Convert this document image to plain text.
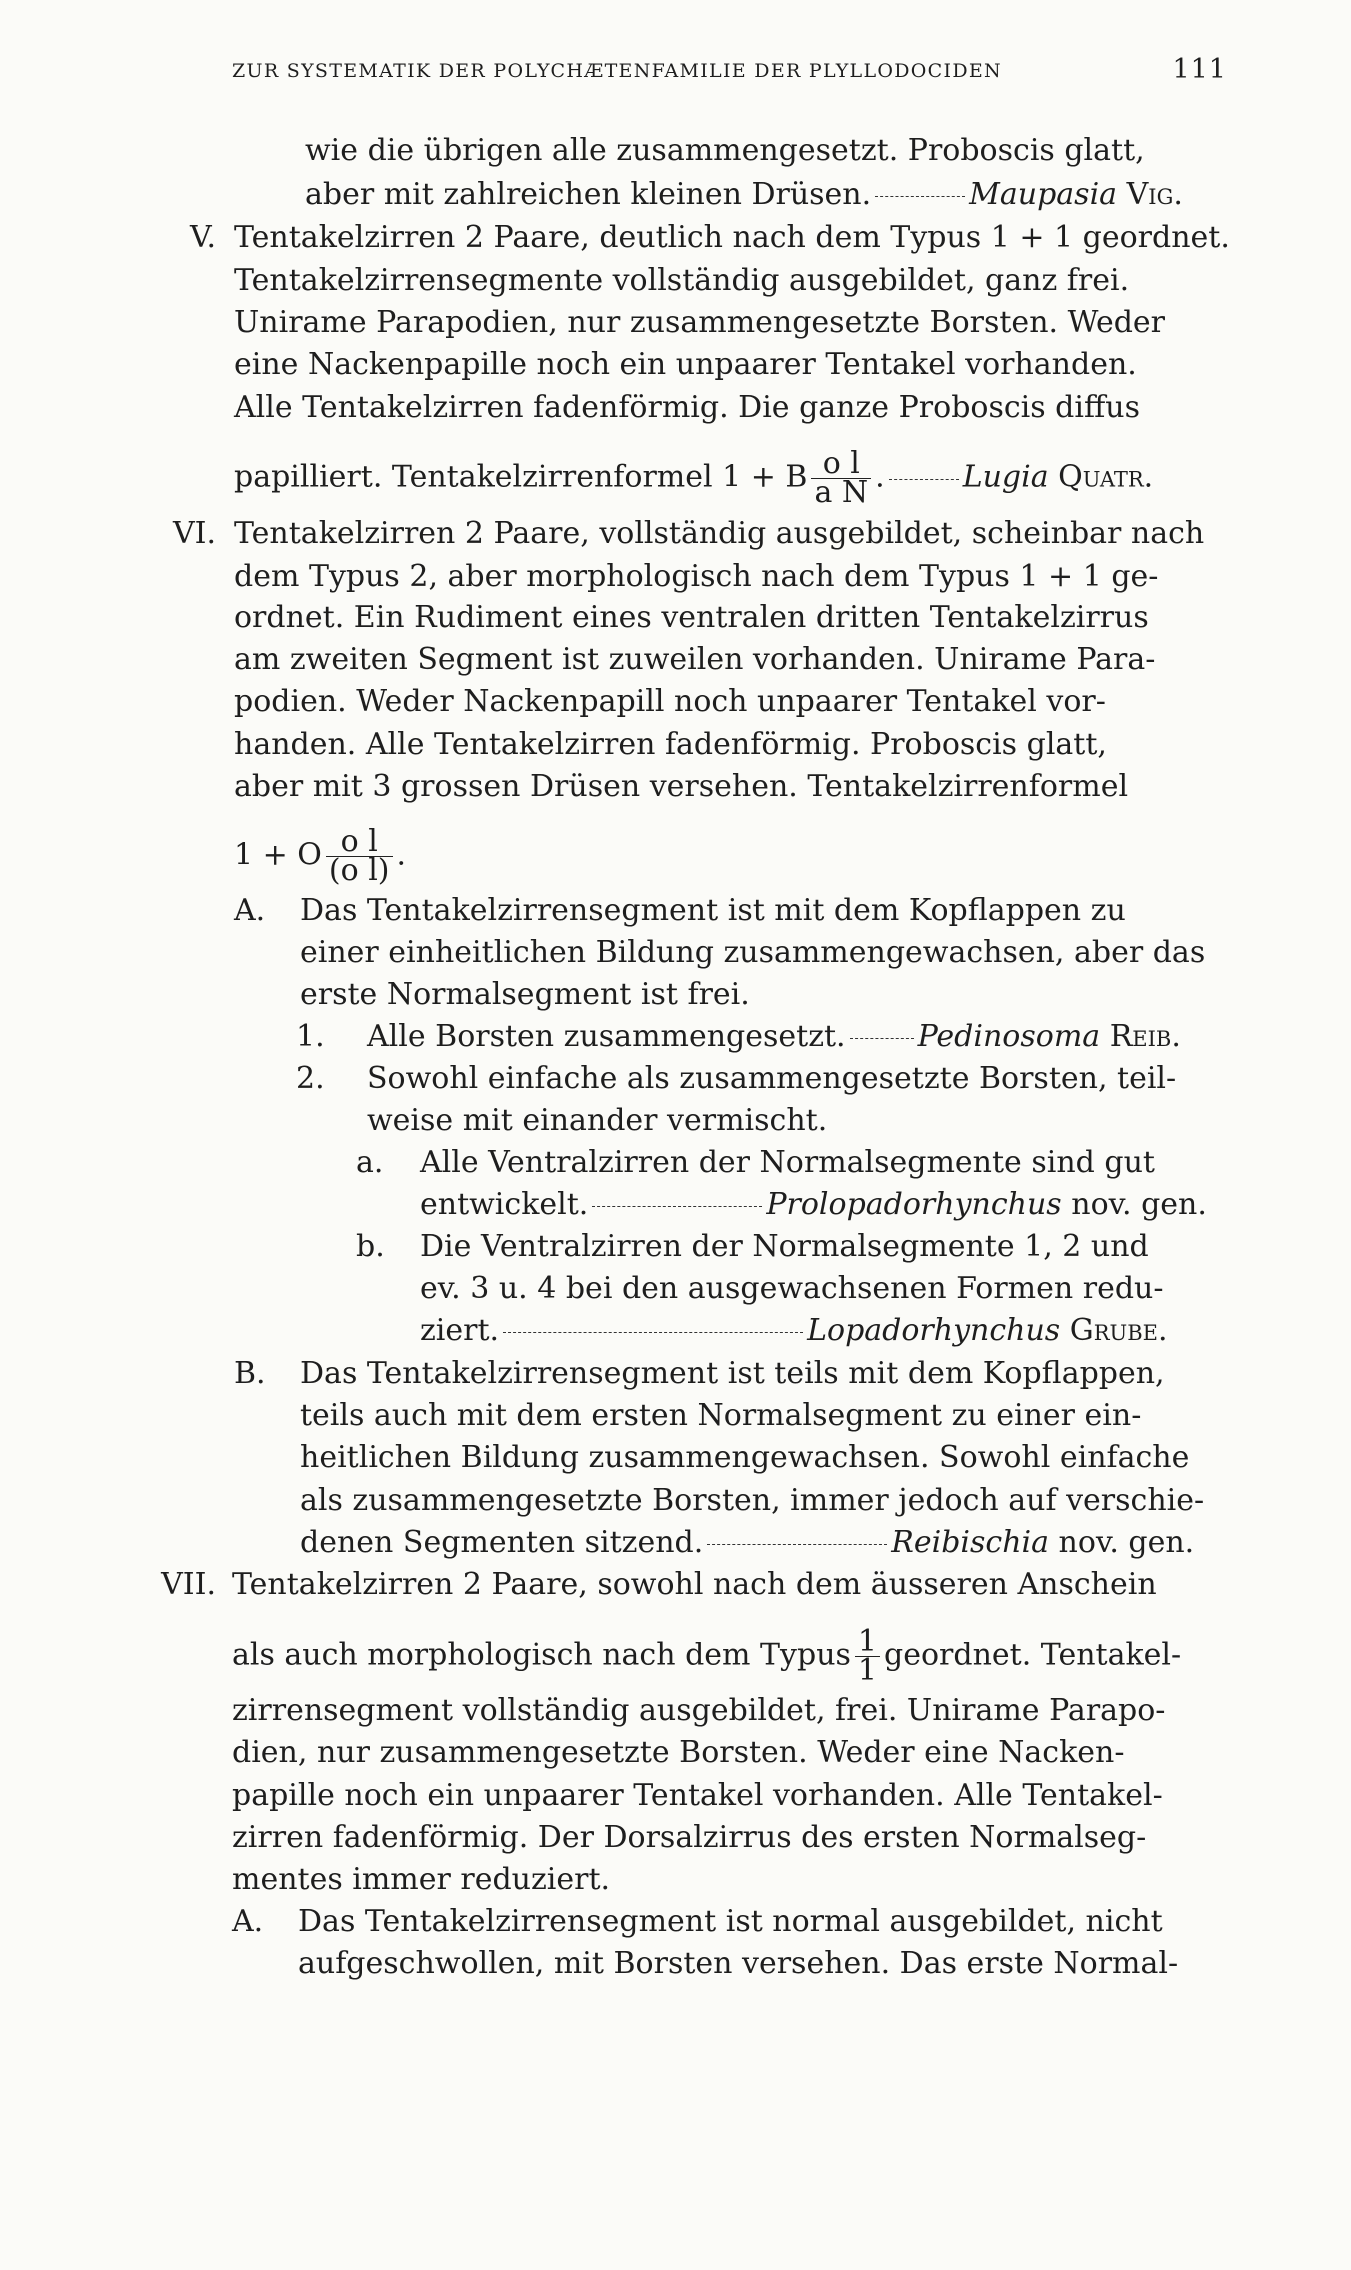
ZUR SYSTEMATIK DER POLYCHÆTENFAMILIE DER PLYLLODOCIDEN	111
wie die übrigen alle zusammengesetzt. Proboscis glatt,
aber mit zahlreichen kleinen Drüsen.	Maupasia Vig.
V. Tentakelzirren 2 Paare, deutlich nach dem Typus 1 + 1 geordnet.
Tentakelzirrensegmente vollständig ausgebildet, ganz frei.
Unirame Parapodien, nur zusammengesetzte Borsten. Weder
eine Nackenpapille noch ein unpaarer Tentakel vorhanden.
Alle Tentakelzirren fadenförmig. Die ganze Proboscis diffus
papilliert. Tentakelzirrenformel 1 + B $\frac{\text{o l}}{\text{a N}}$ .	Lugia Quatr.
VI. Tentakelzirren 2 Paare, vollständig ausgebildet, scheinbar nach
dem Typus 2, aber morphologisch nach dem Typus 1 + 1 ge-
ordnet. Ein Rudiment eines ventralen dritten Tentakelzirrus
am zweiten Segment ist zuweilen vorhanden. Unirame Para-
podien. Weder Nackenpapill noch unpaarer Tentakel vor-
handen. Alle Tentakelzirren fadenförmig. Proboscis glatt,
aber mit 3 grossen Drüsen versehen. Tentakelzirrenformel
1 + O $\frac{\text{o l}}{\text{(o l)}}$ .
A. Das Tentakelzirrensegment ist mit dem Kopflappen zu
einer einheitlichen Bildung zusammengewachsen, aber das
erste Normalsegment ist frei.
1. Alle Borsten zusammengesetzt. Pedinosoma Reib.
2. Sowohl einfache als zusammengesetzte Borsten, teil-
weise mit einander vermischt.
a. Alle Ventralzirren der Normalsegmente sind gut
entwickelt.	Prolopadorhynchus nov. gen.
b. Die Ventralzirren der Normalsegmente 1, 2 und
ev. 3 u. 4 bei den ausgewachsenen Formen redu-
ziert.	Lopadorhynchus Grube.
B. Das Tentakelzirrensegment ist teils mit dem Kopflappen,
teils auch mit dem ersten Normalsegment zu einer ein-
heitlichen Bildung zusammengewachsen. Sowohl einfache
als zusammengesetzte Borsten, immer jedoch auf verschie-
denen Segmenten sitzend.	Reibischia nov. gen.
VII. Tentakelzirren 2 Paare, sowohl nach dem äusseren Anschein
als auch morphologisch nach dem Typus $\frac{1}{1}$ geordnet. Tentakel-
zirrensegment vollständig ausgebildet, frei. Unirame Parapo-
dien, nur zusammengesetzte Borsten. Weder eine Nacken-
papille noch ein unpaarer Tentakel vorhanden. Alle Tentakel-
zirren fadenförmig. Der Dorsalzirrus des ersten Normalseg-
mentes immer reduziert.
A. Das Tentakelzirrensegment ist normal ausgebildet, nicht
aufgeschwollen, mit Borsten versehen. Das erste Normal-
